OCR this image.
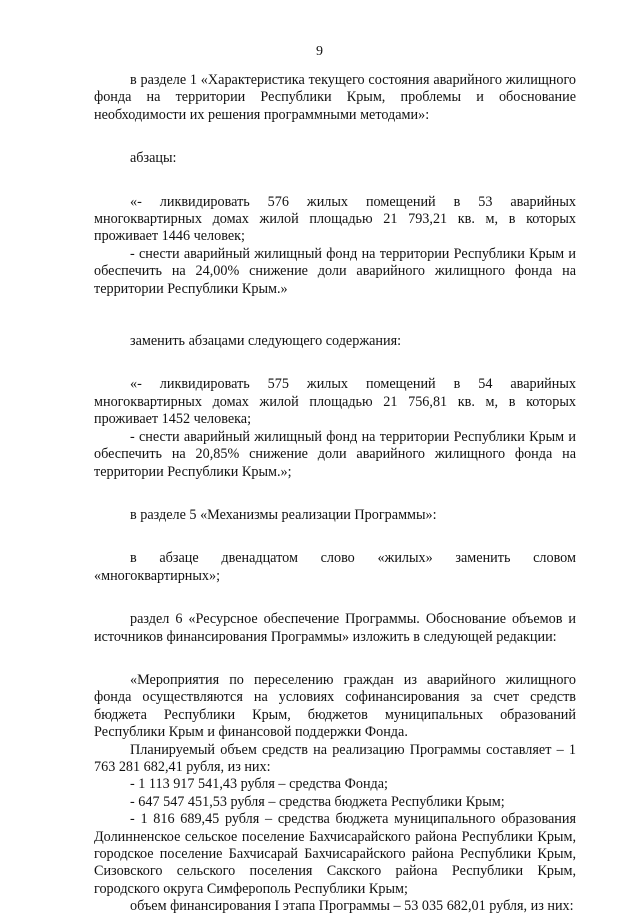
9

в разделе 1 «Характеристика текущего состояния аварийного жилищного фонда на территории Республики Крым, проблемы и обоснование необходимости их решения программными методами»:

абзацы:

«- ликвидировать 576 жилых помещений в 53 аварийных многоквартирных домах жилой площадью 21 793,21 кв. м, в которых проживает 1446 человек;

- снести аварийный жилищный фонд на территории Республики Крым и обеспечить на 24,00% снижение доли аварийного жилищного фонда на территории Республики Крым.»

заменить абзацами следующего содержания:

«- ликвидировать 575 жилых помещений в 54 аварийных многоквартирных домах жилой площадью 21 756,81 кв. м, в которых проживает 1452 человека;

- снести аварийный жилищный фонд на территории Республики Крым и обеспечить на 20,85% снижение доли аварийного жилищного фонда на территории Республики Крым.»;

в разделе 5 «Механизмы реализации Программы»:

в абзаце двенадцатом слово «жилых» заменить словом «многоквартирных»;

раздел 6 «Ресурсное обеспечение Программы. Обоснование объемов и источников финансирования Программы» изложить в следующей редакции:

«Мероприятия по переселению граждан из аварийного жилищного фонда осуществляются на условиях софинансирования за счет средств бюджета Республики Крым, бюджетов муниципальных образований Республики Крым и финансовой поддержки Фонда.

Планируемый объем средств на реализацию Программы составляет – 1 763 281 682,41 рубля, из них:

- 1 113 917 541,43 рубля – средства Фонда;

- 647 547 451,53 рубля – средства бюджета Республики Крым;

- 1 816 689,45 рубля – средства бюджета муниципального образования Долинненское сельское поселение Бахчисарайского района Республики Крым, городское поселение Бахчисарай Бахчисарайского района Республики Крым, Сизовского сельского поселения Сакского района Республики Крым, городского округа Симферополь Республики Крым;

объем финансирования I этапа Программы – 53 035 682,01 рубля, из них:
